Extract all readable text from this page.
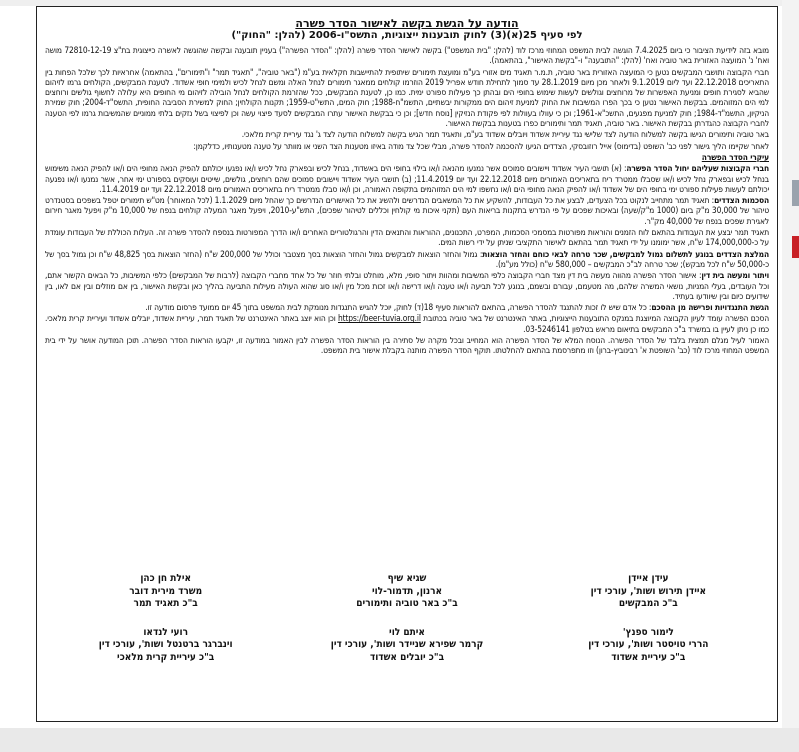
הודעה על הגשת בקשה לאישור הסדר פשרה

לפי סעיף 25(א)(3) לחוק תובענות ייצוגיות, התשס"ו-2006 (להלן: "החוק")

מובא בזה לידיעת הציבור כי ביום 7.4.2025 הוגשה לבית המשפט המחוזי מרכז לוד (להלן: "בית המשפט") בקשה לאישור הסדר פשרה (להלן: "הסדר הפשרה") בעניין תובענה ובקשה שהוגשה לאשרה כייצוגית בת"צ 72810-12-19 מושה ואח' נ' המועצה האזורית באר טוביה ואח' (להלן: "התובענה" ו-"בקשת האישור", בהתאמה).

חברי הקבוצה ותושבי המבקשים נטען כי המועצה האזורית באר טוביה, ת.מ.ר תאגיד מים אזורי בע"מ ומועצת תימורים שיתופית להתיישבות חקלאית בע"מ ("באר טוביה", "תאגיד תמר" ו"תימורים", בהתאמה) אחראיות לכך שלכל הפחות בין התאריכים 22.12.2018 ועד ליום 9.1.2019 ולאחר מכן מיום 28.1.2019 עד סמוך לתחילת חודש אפריל 2019 הוזרמו קולחים ממאגר תימורים לנחל האלה ומשם לנחל לכיש ולמימי חופי אשדוד. לטענת המבקשים, הקולחים גרמו לזיהום שהביא לסגירת חופים ומניעת האפשרות של מרוחצים וגולשים לעשות שימוש בחופי הים ובהתן כך פעילות ספורט ימית. כמו כן, לטענת המבקשים, ככל שהזרמת הקולחים לנחל הובילה לזיהום מי החופים היא עלולה לחשוף גולשים ורוחצים למי הים המזוהמים. בבקשת האישור נטען כי בכך הפרו המשיבות את החוק למניעת זיהום הים ממקורות יבשתיים, התשמ"ח-1988; חוק המים, התשי"ט-1959; תקנות הקולחין; החוק למשירת הסביבה החופית, התשס"ד-2004; חוק שמירת הניקיון, התשמ"ד-1984; חוק למניעת מפגעים, התשכ"א-1961; וכן כי עוולו בעוולות לפי פקודת הנזיקין [נוסח חדש]; וכן כי בבקשת האישור עתרו המבקשים לסעד פיצוי עשה וכן לפיצוי בשל נזקים בלתי ממוניים שהמשיבות גרמו לפי הטענה לחברי הקבוצה כהגדרתן בבקשת האישור. באר טוביה, תאגיד תמר ותימורים כפרו בטענות בבקשת האישור.

באר טוביה ותימורים הגישו בקשה למשלוח הודעה לצד שלישי נגד עיריית אשדוד ויובלים אשדוד בע"מ, ותאגיד תמר הגיש בקשה למשלוח הודעה לצד ג' נגד עיריית קרית מלאכי.

לאחר שקיימו הליך גישור לפני כב' השופט (בדימוס) אייל רוזובסקי, הצדדים הגיעו להסכמה להסדר פשרה, מבלי שכל צד מודה באיזו מטענות הצד השני או מוותר על טענה מטענותיו, כדלקמן:

עיקרי הסדר הפשרה

חברי הקבוצות שעליהם יחול הסדר הפשרה: (א) תושבי העיר אשדוד ויישובים סמוכים אשר נמנעו מהנאה ו/או בילוי בחופי הים באשדוד, בנחל לכיש ובפארק נחל לכיש ו/או נפגעו יכולתם להפיק הנאה מחופי הים ו/או להפיק הנאה משימוש בנחל לכיש ובפארק נחל לכיש ו/או שסבלו ממטרד ריח בתאריכים האמורים מיום 22.12.2018 ועד יום 11.4.2019; (ב) תושבי העיר אשדוד ויישובים סמוכים שהם רוחצים, גולשים, שייטים ועוסקים בספורט ימי אחר, אשר נמנעו ו/או נפגעה יכולתם לעשות פעילות ספורט ימי בחופי הים של אשדוד ו/או להפיק הנאה מחופי הים ו/או נחשפו למי הים המזוהמים בתקופה האמורה, וכן ו/או סבלו ממטרד ריח בתאריכים האמורים מיום 22.12.2018 ועד יום 11.4.2019.

הסכמות הצדדים: תאגיד תמר מתחייב לנקוט בכל הצעדים, לבצע את כל העבודות, להשקיע את כל המשאבים הנדרשים ולהשיג את כל האישורים הנדרשים כך שהחל מיום 1.1.2029 (לכל המאוחר) מט"ש תימורים יטפל בשפכים בסטנדרט טיהור של 30,000 מ"ק ביום (1000 מ"ק/שעה) ובאיכות שפכים על פי הנדרש בתקנות בריאות העם (תקני איכות מי קולחין וכללים לטיהור שפכים), התש"ע-2010, ויפעל מאגר המעלה קולחים בנפח של 10,000 מ"ק ויפעל מאגר חירום לאגירת שפכים בנפח של 40,000 מק"ר.

תאגיד תמר יבצע את העבודות בהתאם לוח הזמנים והוראות מפורטות במסמכי הסכמות, המפרט, התכנונים, ההוראות והתנאים הדין והרגולטוריים האחרים ו/או הדרך המפורטות בנספח להסדר פשרה זה. העלות הכוללת של העבודות עומדת על כ-174,000,000 ש"ח, אשר ימומנו על ידי תאגיד תמר בהתאם לאישור התקציבי שניתן על ידי רשות המים.

המלצת הצדדים בנוגע לתשלום גמול למבקשים, שכר טרחה לבאי כוחם והחזר הוצאות: גמול והחזר הוצאות למבקשים גמול והחזר הוצאות בסך מצטבר וכולל של 200,000 ש"ח (החזר הוצאות בסך 48,825 ש"ח וכן גמול בסך של כ-50,000 ש"ח לכל מבקש); שכר טרחה לב"כ המבקשים – 580,000 ש"ח (כולל מע"מ).

ויתור ומעשה בית דין: אישור הסדר הפשרה מהווה מעשה בית דין מצד חברי הקבוצה כלפי המשיבות ומהוות ויתור סופי, מלא, מוחלט ובלתי חוזר של כל אחד מחברי הקבוצה (לרבות של המבקשים) כלפי המשיבות, כל הבאים הקשור אתם, וכל העובדים, בעלי המניות, נושאי המשרה שלהם, מה מטעמם, עבורם ובשמם, בנוגע לכל תביעה ו/או טענה ו/או דרישה ו/או זכות מכל מין ו/או סוג שהוא העולה מעילות התביעה בהליך כאן ובקשת האישור, בין אם מוזלים ובין אם לאו, בין שידועים כיום ובין שיוודעו בעתיד.

הגשת התנגדויות ופרישה מן ההסכם: כל אדם שיש לו זכות להתנגד להסדר הפשרה, בהתאם להוראות סעיף 18(ד) לחוק, יוכל להגיש התנגדות מנומקת לבית המשפט בתוך 45 יום ממועד פרסום מודעה זו.

הסכם הפשרה עומד לעיון הקבוצה המיוצגת במנקס התובענות הייצוגיות, באתר האינטרנט של באר טוביה בכתובת https://beer-tuvia.org.il וכן הוא יוצג באתר האינטרנט של תאגיד תמר, עיריית אשדוד, יובלים אשדוד ועיריית קרית מלאכי. כמו כן ניתן לעיין בו במשרד ב"כ המבקשים בתיאום מראש בטלפון 03-5246141.

האמור לעיל מגלם תמצית בלבד של הסדר הפשרה. הנוסח המלא של הסדר הפשרה הוא המחייב ובכל מקרה של סתירה בין הוראות הסדר הפשרה לבין האמור במודעה זו, יקבעו הוראות הסדר הפשרה. תוכן המודעה אושר על ידי בית המשפט המחוזי מרכז לוד (כב' השופטת א' רבינוביץ-ברון) וזו מתפרסמת בהתאם להחלטתו. תוקף הסדר הפשרה מותנה בקבלת אישור בית המשפט.

עידן איידן
איידן תירוש ושות', עורכי דין
ב"כ המבקשים
שגיא שיף
ארנון, תדמור-לוי
ב"כ באר טוביה ותימורים
אילת חן כהן
משרד מירית דובר
ב"כ תאגיד תמר
לימור ספנץ'
הררי טויסטר ושות', עורכי דין
ב"כ עיריית אשדוד
איתם לוי
קרמר שפירא שניידר ושות', עורכי דין
ב"כ יובלים אשדוד
רועי לנדאו
וינברגר ברטנטל ושות', עורכי דין
ב"כ עיריית קרית מלאכי
